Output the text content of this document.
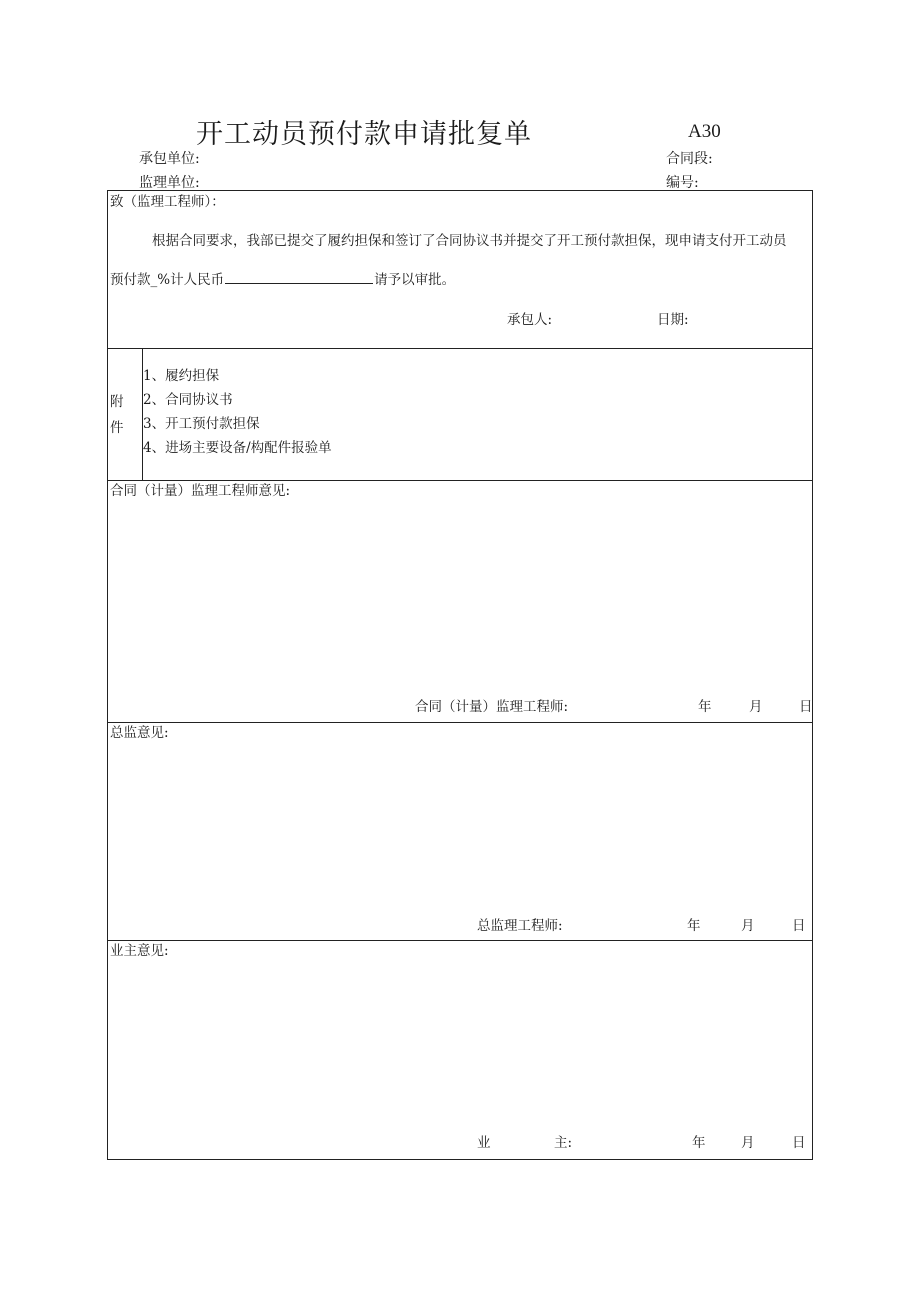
开工动员预付款申请批复单	A30
承包单位:	合同段:
监理单位:	编号:
致（监理工程师）：
根据合同要求，我部已提交了履约担保和签订了合同协议书并提交了开工预付款担保，现申请支付开工动员
预付款_%计人民币	请予以审批。
承包人:	日期:
附
件
1、履约担保
2、合同协议书
3、开工预付款担保
4、进场主要设备/构配件报验单
合同（计量）监理工程师意见:
合同（计量）监理工程师:	年	月	日
总监意见:
总监理工程师:	年	月	日
业主意见:
业	主:	年	月	日
